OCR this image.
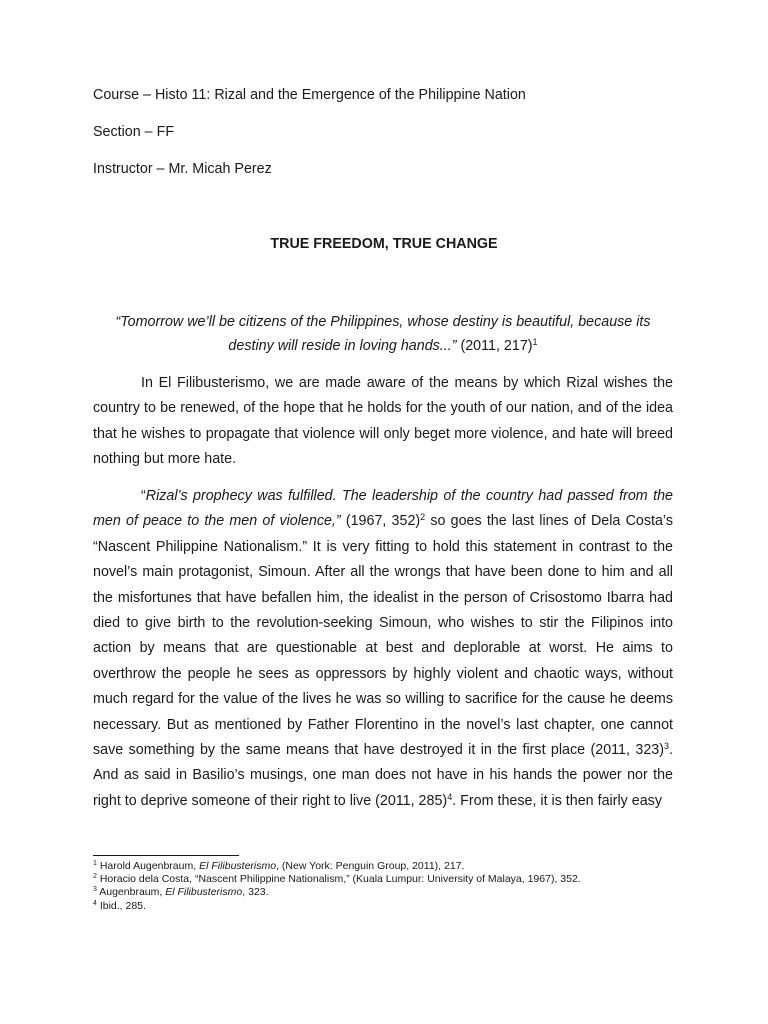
Course – Histo 11: Rizal and the Emergence of the Philippine Nation

Section – FF

Instructor – Mr. Micah Perez

TRUE FREEDOM, TRUE CHANGE

“Tomorrow we’ll be citizens of the Philippines, whose destiny is beautiful, because its destiny will reside in loving hands...” (2011, 217)$^1$

In El Filibusterismo, we are made aware of the means by which Rizal wishes the country to be renewed, of the hope that he holds for the youth of our nation, and of the idea that he wishes to propagate that violence will only beget more violence, and hate will breed nothing but more hate.

“Rizal’s prophecy was fulfilled. The leadership of the country had passed from the men of peace to the men of violence,” (1967, 352)$^2$ so goes the last lines of Dela Costa’s “Nascent Philippine Nationalism.” It is very fitting to hold this statement in contrast to the novel’s main protagonist, Simoun. After all the wrongs that have been done to him and all the misfortunes that have befallen him, the idealist in the person of Crisostomo Ibarra had died to give birth to the revolution-seeking Simoun, who wishes to stir the Filipinos into action by means that are questionable at best and deplorable at worst. He aims to overthrow the people he sees as oppressors by highly violent and chaotic ways, without much regard for the value of the lives he was so willing to sacrifice for the cause he deems necessary. But as mentioned by Father Florentino in the novel’s last chapter, one cannot save something by the same means that have destroyed it in the first place (2011, 323)$^3$. And as said in Basilio’s musings, one man does not have in his hands the power nor the right to deprive someone of their right to live (2011, 285)$^4$. From these, it is then fairly easy

$^1$ Harold Augenbraum, El Filibusterismo, (New York: Penguin Group, 2011), 217.

$^2$ Horacio dela Costa, “Nascent Philippine Nationalism,” (Kuala Lumpur: University of Malaya, 1967), 352.

$^3$ Augenbraum, El Filibusterismo, 323.

$^4$ Ibid., 285.
